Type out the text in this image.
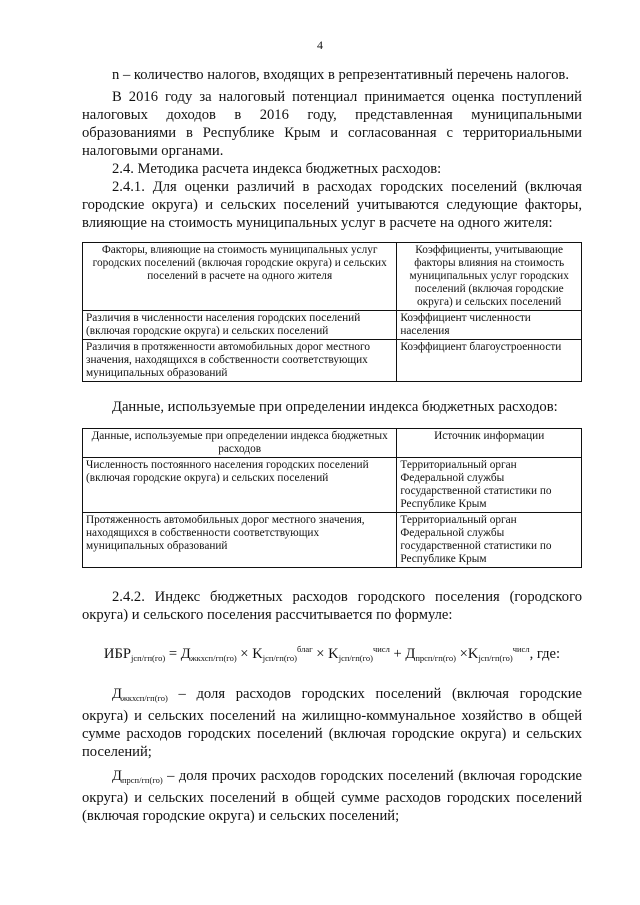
4

n – количество налогов, входящих в репрезентативный перечень налогов.

В 2016 году за налоговый потенциал принимается оценка поступлений налоговых доходов в 2016 году, представленная муниципальными образованиями в Республике Крым и согласованная с территориальными налоговыми органами.

2.4. Методика расчета индекса бюджетных расходов:

2.4.1. Для оценки различий в расходах городских поселений (включая городские округа) и сельских поселений учитываются следующие факторы, влияющие на стоимость муниципальных услуг в расчете на одного жителя:

Факторы, влияющие на стоимость муниципальных услуг городских поселений (включая городские округа) и сельских поселений в расчете на одного жителя	Коэффициенты, учитывающие факторы влияния на стоимость муниципальных услуг городских поселений (включая городские округа) и сельских поселений
Различия в численности населения городских поселений (включая городские округа) и сельских поселений	Коэффициент численности населения
Различия в протяженности автомобильных дорог местного значения, находящихся в собственности соответствующих муниципальных образований	Коэффициент благоустроенности

Данные, используемые при определении индекса бюджетных расходов:

Данные, используемые при определении индекса бюджетных расходов	Источник информации
Численность постоянного населения городских поселений (включая городские округа) и сельских поселений	Территориальный орган Федеральной службы государственной статистики по Республике Крым
Протяженность автомобильных дорог местного значения, находящихся в собственности соответствующих муниципальных образований	Территориальный орган Федеральной службы государственной статистики по Республике Крым

2.4.2. Индекс бюджетных расходов городского поселения (городского округа) и сельского поселения рассчитывается по формуле:

$ИБР_{jсп/гп(го)} = Д_{жкхсп/гп(го)} \times K_{jсп/гп(го)}^{благ} \times K_{jсп/гп(го)}^{числ} + Д_{прсп/гп(го)} \times K_{jсп/гп(го)}^{числ}$, где:

$Д_{жкхсп/гп(го)}$ – доля расходов городских поселений (включая городские округа) и сельских поселений на жилищно-коммунальное хозяйство в общей сумме расходов городских поселений (включая городские округа) и сельских поселений;

$Д_{прсп/гп(го)}$ – доля прочих расходов городских поселений (включая городские округа) и сельских поселений в общей сумме расходов городских поселений (включая городские округа) и сельских поселений;
